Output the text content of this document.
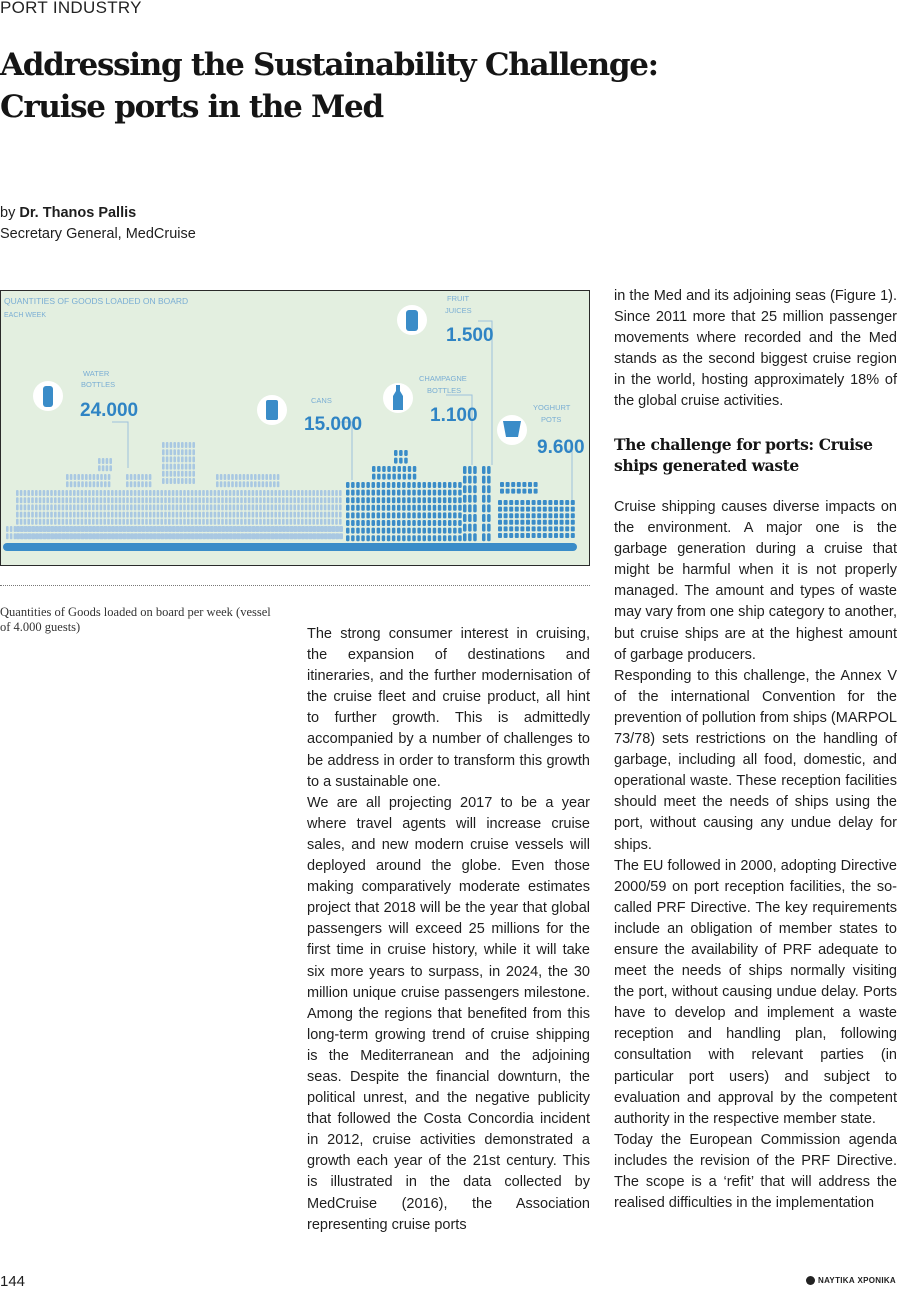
PORT INDUSTRY
Addressing the Sustainability Challenge:
Cruise ports in the Med
by Dr. Thanos Pallis
Secretary General, MedCruise
QUANTITIES OF GOODS LOADED ON BOARD
EACH WEEK
WATER
BOTTLES
24.000	CANS
15.000
FRUIT
JUICES
1.500
CHAMPAGNE
BOTTLES
1.100	YOGHURT
POTS
9.600
Quantities of Goods loaded on board per week (vessel of 4.000 guests)	The strong consumer interest in cruising, the expansion of destinations and itineraries, and the further modernisation of the cruise fleet and cruise product, all hint to further growth. This is admittedly accompanied by a number of challenges to be address in order to transform this growth to a sustainable one.

We are all projecting 2017 to be a year where travel agents will increase cruise sales, and new modern cruise vessels will deployed around the globe. Even those making comparatively moderate estimates project that 2018 will be the year that global passengers will exceed 25 millions for the first time in cruise history, while it will take six more years to surpass, in 2024, the 30 million unique cruise passengers milestone. Among the regions that benefited from this long-term growing trend of cruise shipping is the Mediterranean and the adjoining seas. Despite the financial downturn, the political unrest, and the negative publicity that followed the Costa Concordia incident in 2012, cruise activities demonstrated a growth each year of the 21st century. This is illustrated in the data collected by MedCruise (2016), the Association representing cruise ports

in the Med and its adjoining seas (Figure 1). Since 2011 more that 25 million passenger movements where recorded and the Med stands as the second biggest cruise region in the world, hosting approximately 18% of the global cruise activities.

The challenge for ports: Cruise ships generated waste

Cruise shipping causes diverse impacts on the environment. A major one is the garbage generation during a cruise that might be harmful when it is not properly managed. The amount and types of waste may vary from one ship category to another, but cruise ships are at the highest amount of garbage producers.

Responding to this challenge, the Annex V of the international Convention for the prevention of pollution from ships (MARPOL 73/78) sets restrictions on the handling of garbage, including all food, domestic, and operational waste. These reception facilities should meet the needs of ships using the port, without causing any undue delay for ships.

The EU followed in 2000, adopting Directive 2000/59 on port reception facilities, the so-called PRF Directive. The key requirements include an obligation of member states to ensure the availability of PRF adequate to meet the needs of ships normally visiting the port, without causing undue delay. Ports have to develop and implement a waste reception and handling plan, following consultation with relevant parties (in particular port users) and subject to evaluation and approval by the competent authority in the respective member state.

Today the European Commission agenda includes the revision of the PRF Directive. The scope is a ‘refit’ that will address the realised difficulties in the implementation

144	ΝΑΥΤΙΚΑ ΧΡΟΝΙΚΑ
